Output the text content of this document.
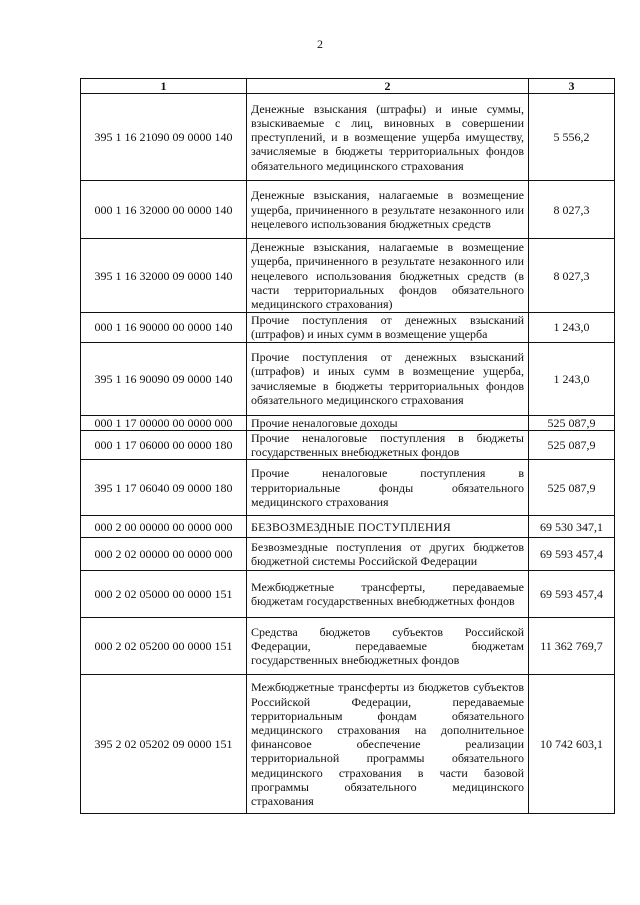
2
1	2	3
395 1 16 21090 09 0000 140	Денежные взыскания (штрафы) и иные суммы, взыскиваемые с лиц, виновных в совершении преступлений, и в возмещение ущерба имуществу, зачисляемые в бюджеты территориальных фондов обязательного медицинского страхования	5 556,2
000 1 16 32000 00 0000 140	Денежные взыскания, налагаемые в возмещение ущерба, причиненного в результате незаконного или нецелевого использования бюджетных средств	8 027,3
395 1 16 32000 09 0000 140	Денежные взыскания, налагаемые в возмещение ущерба, причиненного в результате незаконного или нецелевого использования бюджетных средств (в части территориальных фондов обязательного медицинского страхования)	8 027,3
000 1 16 90000 00 0000 140	Прочие поступления от денежных взысканий (штрафов) и иных сумм в возмещение ущерба	1 243,0
395 1 16 90090 09 0000 140	Прочие поступления от денежных взысканий (штрафов) и иных сумм в возмещение ущерба, зачисляемые в бюджеты территориальных фондов обязательного медицинского страхования	1 243,0
000 1 17 00000 00 0000 000	Прочие неналоговые доходы	525 087,9
000 1 17 06000 00 0000 180	Прочие неналоговые поступления в бюджеты государственных внебюджетных фондов	525 087,9
395 1 17 06040 09 0000 180	Прочие неналоговые поступления в территориальные фонды обязательного медицинского страхования	525 087,9
000 2 00 00000 00 0000 000	БЕЗВОЗМЕЗДНЫЕ ПОСТУПЛЕНИЯ	69 530 347,1
000 2 02 00000 00 0000 000	Безвозмездные поступления от других бюджетов бюджетной системы Российской Федерации	69 593 457,4
000 2 02 05000 00 0000 151	Межбюджетные трансферты, передаваемые бюджетам государственных внебюджетных фондов	69 593 457,4
000 2 02 05200 00 0000 151	Средства бюджетов субъектов Российской Федерации, передаваемые бюджетам государственных внебюджетных фондов	11 362 769,7
395 2 02 05202 09 0000 151	Межбюджетные трансферты из бюджетов субъектов Российской Федерации, передаваемые территориальным фондам обязательного медицинского страхования на дополнительное финансовое обеспечение реализации территориальной программы обязательного медицинского страхования в части базовой программы обязательного медицинского страхования	10 742 603,1
